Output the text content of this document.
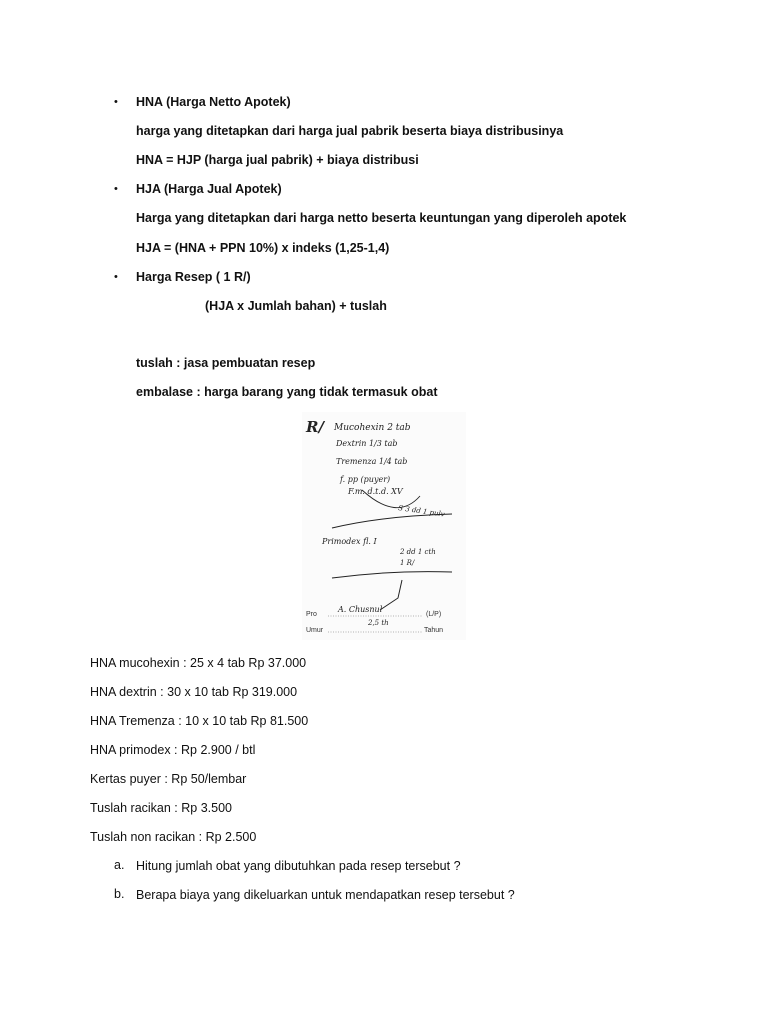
• HNA (Harga Netto Apotek)
harga yang ditetapkan dari harga jual pabrik beserta biaya distribusinya
HNA = HJP (harga jual pabrik) + biaya distribusi
• HJA (Harga Jual Apotek)
Harga yang ditetapkan dari harga netto beserta keuntungan yang diperoleh apotek
HJA = (HNA + PPN 10%) x indeks (1,25-1,4)
• Harga Resep ( 1 R/)
(HJA x Jumlah bahan) + tuslah
tuslah : jasa pembuatan resep
embalase : harga barang yang tidak termasuk obat
R/ Mucohexin 2 tab
Dextrin 1/3 tab
Tremenza 1/4 tab
f. pp (puyer)
F.m. d.t.d. XV
S 3 dd 1 pulv
Primodex fl. I
2 dd 1 cth
1 R/
Pro
A. Chusnul
(L/P)
Umur
2,5 th
Tahun
HNA mucohexin : 25 x 4 tab Rp 37.000
HNA dextrin : 30 x 10 tab Rp 319.000
HNA Tremenza : 10 x 10 tab Rp 81.500
HNA primodex : Rp 2.900 / btl
Kertas puyer : Rp 50/lembar
Tuslah racikan : Rp 3.500
Tuslah non racikan : Rp 2.500
a. Hitung jumlah obat yang dibutuhkan pada resep tersebut ?
b. Berapa biaya yang dikeluarkan untuk mendapatkan resep tersebut ?
